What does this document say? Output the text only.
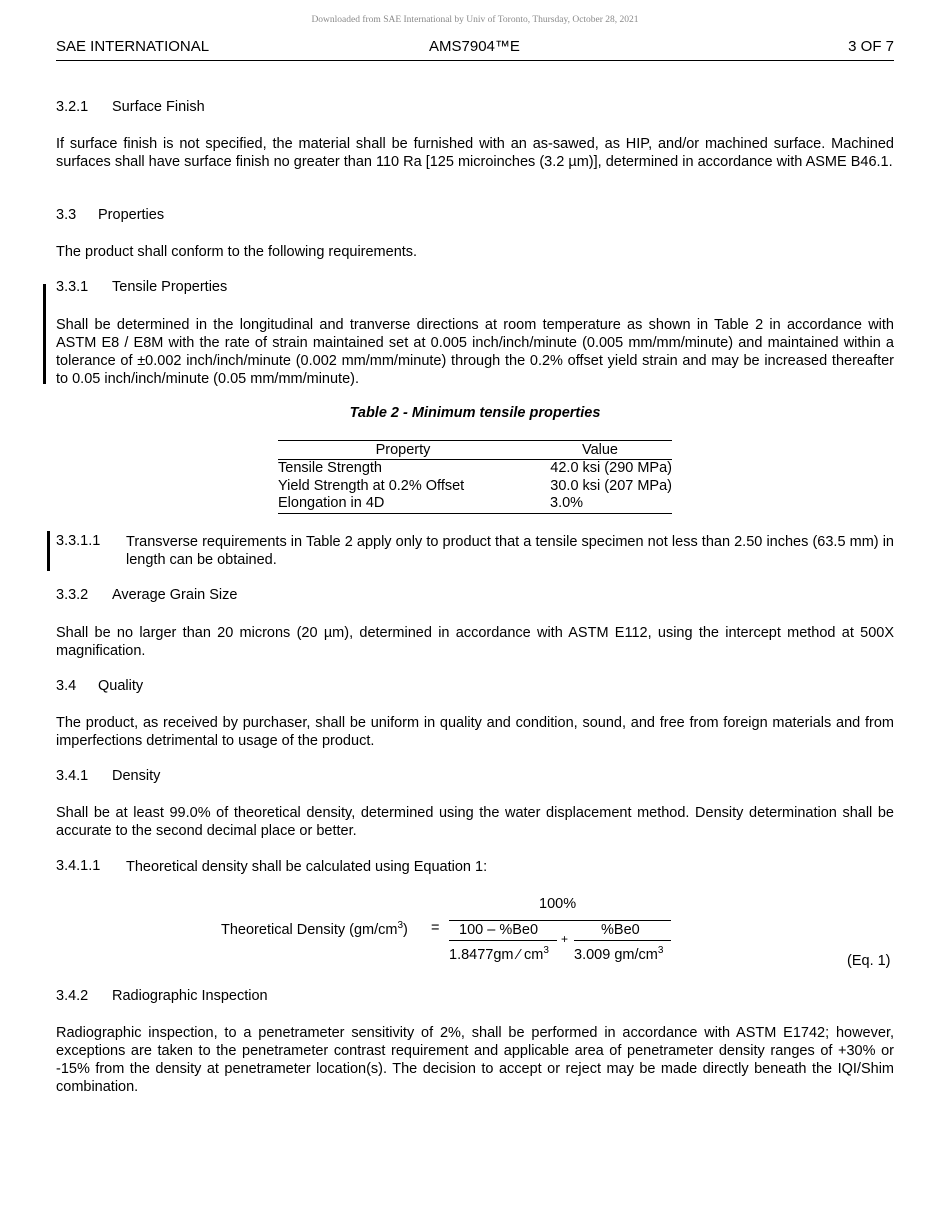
Downloaded from SAE International by Univ of Toronto, Thursday, October 28, 2021
SAE INTERNATIONAL	AMS7904™E	3 OF 7
3.2.1 Surface Finish
If surface finish is not specified, the material shall be furnished with an as-sawed, as HIP, and/or machined surface. Machined surfaces shall have surface finish no greater than 110 Ra [125 microinches (3.2 µm)], determined in accordance with ASME B46.1.
3.3 Properties
The product shall conform to the following requirements.
3.3.1 Tensile Properties
Shall be determined in the longitudinal and tranverse directions at room temperature as shown in Table 2 in accordance with ASTM E8 / E8M with the rate of strain maintained set at 0.005 inch/inch/minute (0.005 mm/mm/minute) and maintained within a tolerance of ±0.002 inch/inch/minute (0.002 mm/mm/minute) through the 0.2% offset yield strain and may be increased thereafter to 0.05 inch/inch/minute (0.05 mm/mm/minute).
Table 2 - Minimum tensile properties
Property	Value
Tensile Strength	42.0 ksi (290 MPa)
Yield Strength at 0.2% Offset	30.0 ksi (207 MPa)
Elongation in 4D	3.0%
3.3.1.1 Transverse requirements in Table 2 apply only to product that a tensile specimen not less than 2.50 inches (63.5 mm) in length can be obtained.
3.3.2 Average Grain Size
Shall be no larger than 20 microns (20 µm), determined in accordance with ASTM E112, using the intercept method at 500X magnification.
3.4 Quality
The product, as received by purchaser, shall be uniform in quality and condition, sound, and free from foreign materials and from imperfections detrimental to usage of the product.
3.4.1 Density
Shall be at least 99.0% of theoretical density, determined using the water displacement method. Density determination shall be accurate to the second decimal place or better.
3.4.1.1 Theoretical density shall be calculated using Equation 1:
Theoretical Density $(gm/cm^3)$ =
100%
100 – %Be0
1.8477gm ⁄ $cm^3$
+
%Be0
3.009 $gm/cm^3$
(Eq. 1)
3.4.2 Radiographic Inspection
Radiographic inspection, to a penetrameter sensitivity of 2%, shall be performed in accordance with ASTM E1742; however, exceptions are taken to the penetrameter contrast requirement and applicable area of penetrameter density ranges of +30% or -15% from the density at penetrameter location(s). The decision to accept or reject may be made directly beneath the IQI/Shim combination.
